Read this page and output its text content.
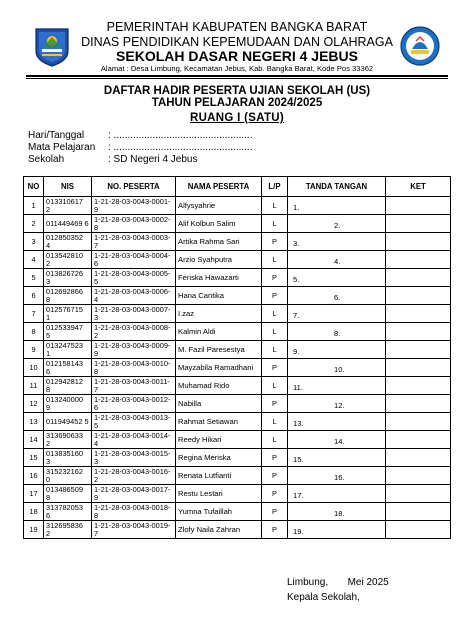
PEMERINTAH KABUPATEN BANGKA BARAT
DINAS PENDIDIKAN KEPEMUDAAN DAN OLAHRAGA
SEKOLAH DASAR NEGERI 4 JEBUS
Alamat : Desa Limbung, Kecamatan Jebus, Kab. Bangka Barat, Kode Pos 33362
DAFTAR HADIR PESERTA UJIAN SEKOLAH (US)
TAHUN PELAJARAN 2024/2025
RUANG I (SATU)
Hari/Tanggal : ..................................................
Mata Pelajaran : ..................................................
Sekolah	: SD Negeri 4 Jebus
NO	NIS	NO. PESERTA	NAMA PESERTA	L/P	TANDA TANGAN	KET
1	013310617 2	1-21-28-03-0043-0001-9	Alfysyahrie	L	1.	

2	011449469 6	1-21-28-03-0043-0002-8	Alif Kolbun Salim	L	2.	

3	012850352 4	1-21-28-03-0043-0003-7	Artika Rahma Sari	P	3.	

4	013542810 2	1-21-28-03-0043-0004-6	Arzio Syahputra	L	4.	

5	013826726 3	1-21-28-03-0043-0005-5	Feriska Hawazarti	P	5.	

6	012692866 8	1-21-28-03-0043-0006-4	Hana Cantika	P	6.	

7	012576715 1	1-21-28-03-0043-0007-3	I.zaz	L	7.	

8	012533947 5	1-21-28-03-0043-0008-2	Kalmin Aldi	L	8.	

9	013247523 1	1-21-28-03-0043-0009-9	M. Fazil Paresestya	L	9.	

10	012158143 6	1-21-28-03-0043-0010-8	Mayzabila Ramadhani	P	10.	

11	012942812 8	1-21-28-03-0043-0011-7	Muhamad Rido	L	11.	

12	013240000 9	1-21-28-03-0043-0012-6	Nabilla	P	12.	

13	011949452 5	1-21-28-03-0043-0013-5	Rahmat Setiawan	L	13.	

14	313690633 2	1-21-28-03-0043-0014-4	Reedy Hikari	L	14.	

15	013835160 3	1-21-28-03-0043-0015-3	Regina Meriska	P	15.	

16	315232162 0	1-21-28-03-0043-0016-2	Renata Lutfianti	P	16.	

17	013486509 8	1-21-28-03-0043-0017-9	Restu Lestari	P	17.	

18	313782053 6	1-21-28-03-0043-0018-8	Yumna Tufaillah	P	18.	

19	312695836 2	1-21-28-03-0043-0019-7	Zlofy Naila Zahran	P	19.	

Limbung,       Mei 2025
Kepala Sekolah,
